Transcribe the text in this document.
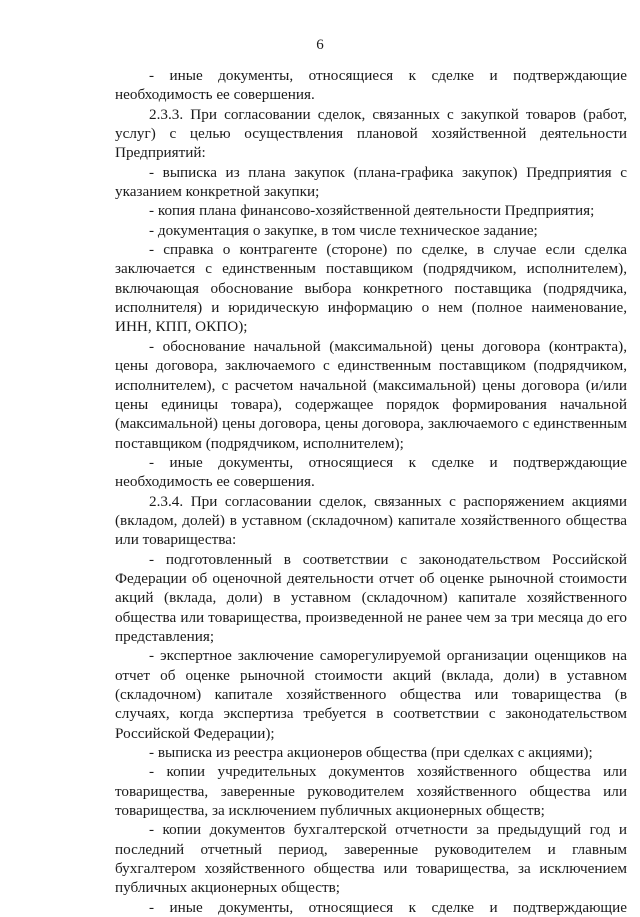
6

- иные документы, относящиеся к сделке и подтверждающие необходимость ее совершения.

2.3.3. При согласовании сделок, связанных с закупкой товаров (работ, услуг) с целью осуществления плановой хозяйственной деятельности Предприятий:

- выписка из плана закупок (плана-графика закупок) Предприятия с указанием конкретной закупки;

- копия плана финансово-хозяйственной деятельности Предприятия;

- документация о закупке, в том числе техническое задание;

- справка о контрагенте (стороне) по сделке, в случае если сделка заключается с единственным поставщиком (подрядчиком, исполнителем), включающая обоснование выбора конкретного поставщика (подрядчика, исполнителя) и юридическую информацию о нем (полное наименование, ИНН, КПП, ОКПО);

- обоснование начальной (максимальной) цены договора (контракта), цены договора, заключаемого с единственным поставщиком (подрядчиком, исполнителем), с расчетом начальной (максимальной) цены договора (и/или цены единицы товара), содержащее порядок формирования начальной (максимальной) цены договора, цены договора, заключаемого с единственным поставщиком (подрядчиком, исполнителем);

- иные документы, относящиеся к сделке и подтверждающие необходимость ее совершения.

2.3.4. При согласовании сделок, связанных с распоряжением акциями (вкладом, долей) в уставном (складочном) капитале хозяйственного общества или товарищества:

- подготовленный в соответствии с законодательством Российской Федерации об оценочной деятельности отчет об оценке рыночной стоимости акций (вклада, доли) в уставном (складочном) капитале хозяйственного общества или товарищества, произведенной не ранее чем за три месяца до его представления;

- экспертное заключение саморегулируемой организации оценщиков на отчет об оценке рыночной стоимости акций (вклада, доли) в уставном (складочном) капитале хозяйственного общества или товарищества (в случаях, когда экспертиза требуется в соответствии с законодательством Российской Федерации);

- выписка из реестра акционеров общества (при сделках с акциями);

- копии учредительных документов хозяйственного общества или товарищества, заверенные руководителем хозяйственного общества или товарищества, за исключением публичных акционерных обществ;

- копии документов бухгалтерской отчетности за предыдущий год и последний отчетный период, заверенные руководителем и главным бухгалтером хозяйственного общества или товарищества, за исключением публичных акционерных обществ;

- иные документы, относящиеся к сделке и подтверждающие
